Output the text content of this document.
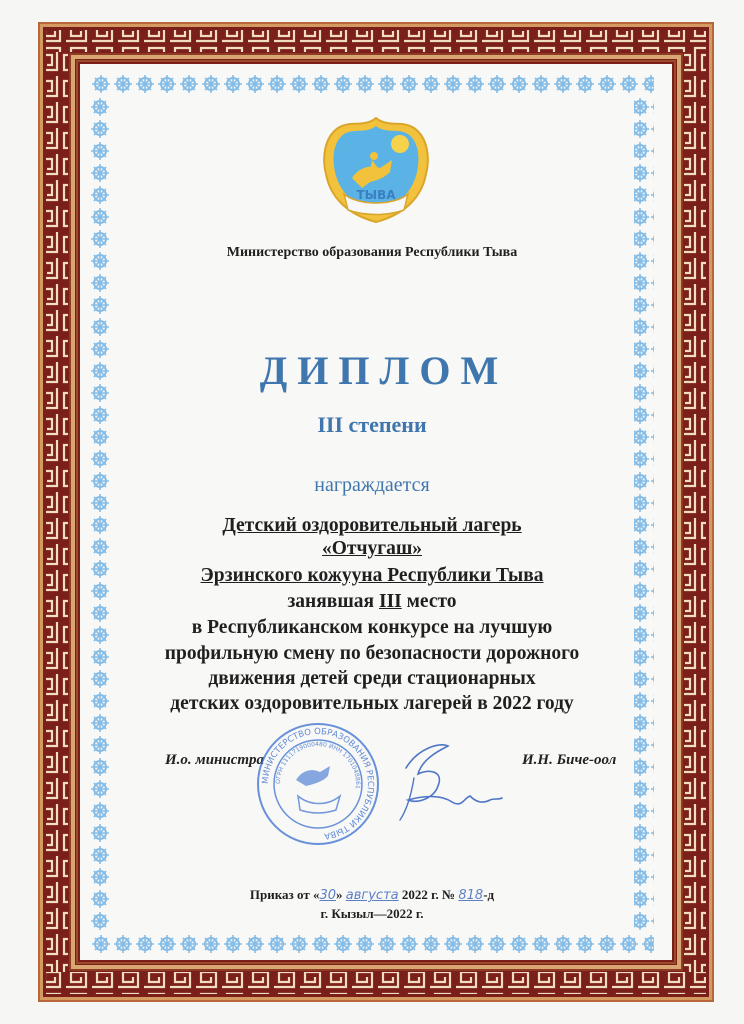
ТЫВА
Министерство образования Республики Тыва
ДИПЛОМ
III степени
награждается
Детский оздоровительный лагерь
«Отчугаш»
Эрзинского кожууна Республики Тыва
занявшая III место
в Республиканском конкурсе на лучшую
профильную смену по безопасности дорожного
движения детей среди стационарных
детских оздоровительных лагерей в 2022 году
И.о. министра	И.Н. Биче-оол
МИНИСТЕРСТВО ОБРАЗОВАНИЯ РЕСПУБЛИКИ ТЫВА
ОГРН 1111719000480 ИНН 1701048861
Приказ от «30» августа 2022 г. № 818-д
г. Кызыл—2022 г.
